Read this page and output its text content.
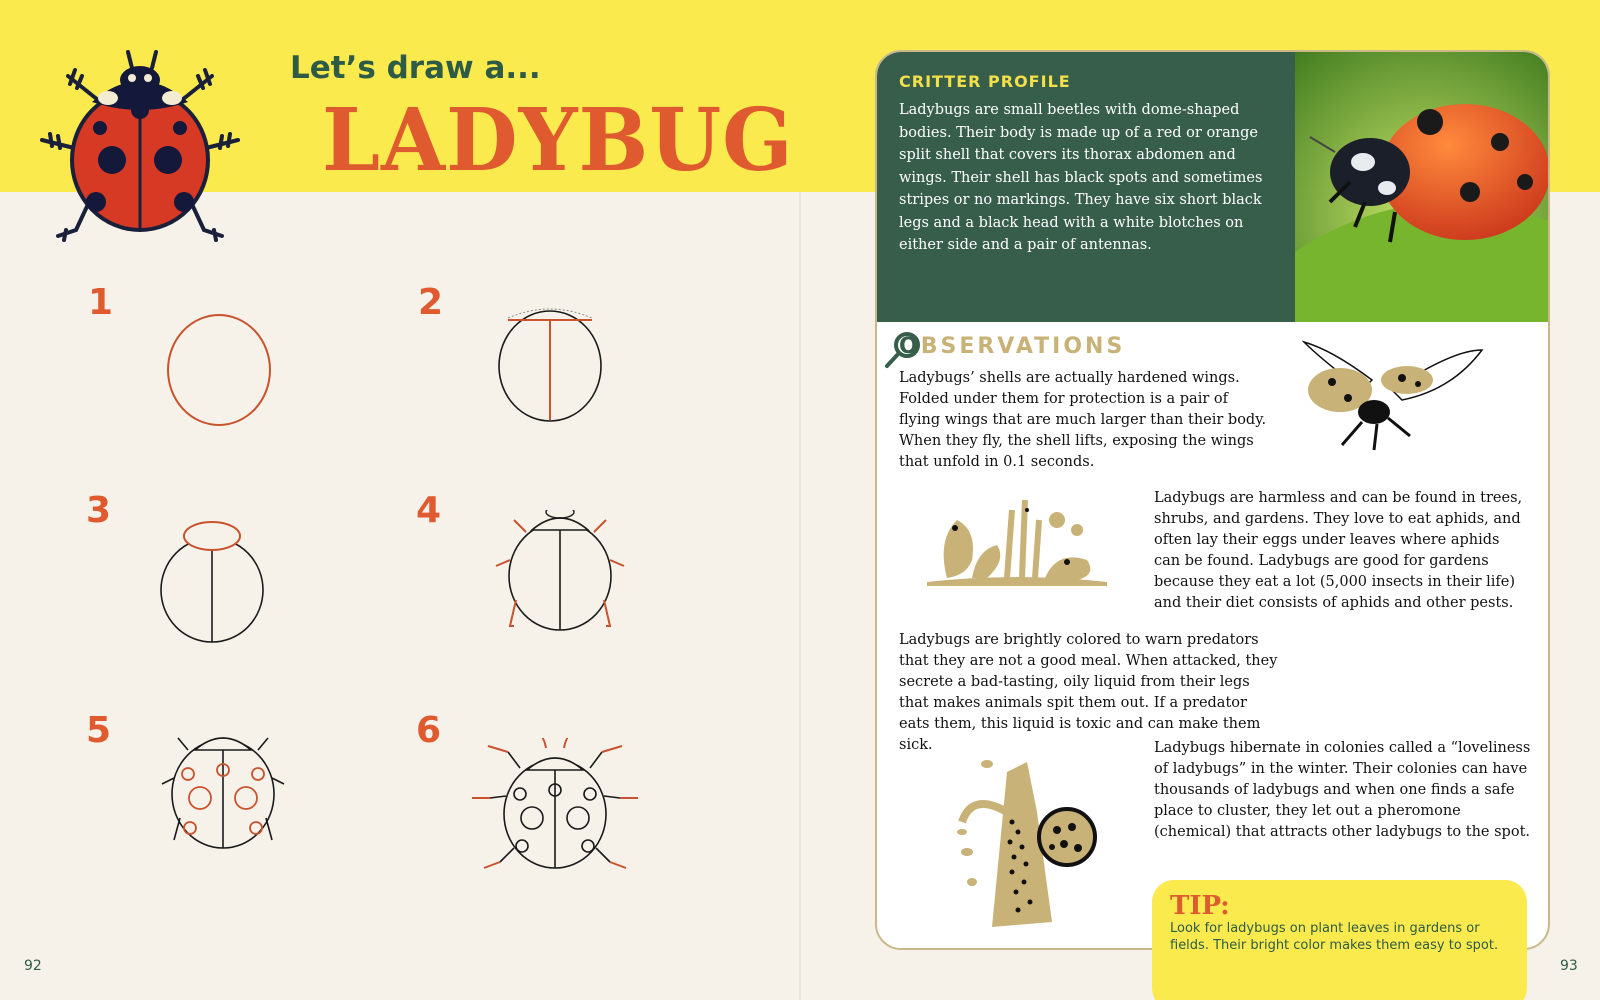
Let’s draw a...
LADYBUG
1	2
3	4
5	6
CRITTER PROFILE

Ladybugs are small beetles with dome-shaped bodies. Their body is made up of a red or orange split shell that covers its thorax abdomen and wings. Their shell has black spots and sometimes stripes or no markings. They have six short black legs and a black head with a white blotches on either side and a pair of antennas.

OBSERVATIONS
Ladybugs’ shells are actually hardened wings. Folded under them for protection is a pair of flying wings that are much larger than their body. When they fly, the shell lifts, exposing the wings that unfold in 0.1 seconds.
Ladybugs are harmless and can be found in trees, shrubs, and gardens. They love to eat aphids, and often lay their eggs under leaves where aphids can be found. Ladybugs are good for gardens because they eat a lot (5,000 insects in their life) and their diet consists of aphids and other pests.
Ladybugs are brightly colored to warn predators that they are not a good meal. When attacked, they secrete a bad-tasting, oily liquid from their legs that makes animals spit them out. If a predator eats them, this liquid is toxic and can make them sick.	Ladybugs hibernate in colonies called a “loveliness of ladybugs” in the winter. Their colonies can have thousands of ladybugs and when one finds a safe place to cluster, they let out a pheromone (chemical) that attracts other ladybugs to the spot.
TIP:

Look for ladybugs on plant leaves in gardens or fields. Their bright color makes them easy to spot.

92	93
